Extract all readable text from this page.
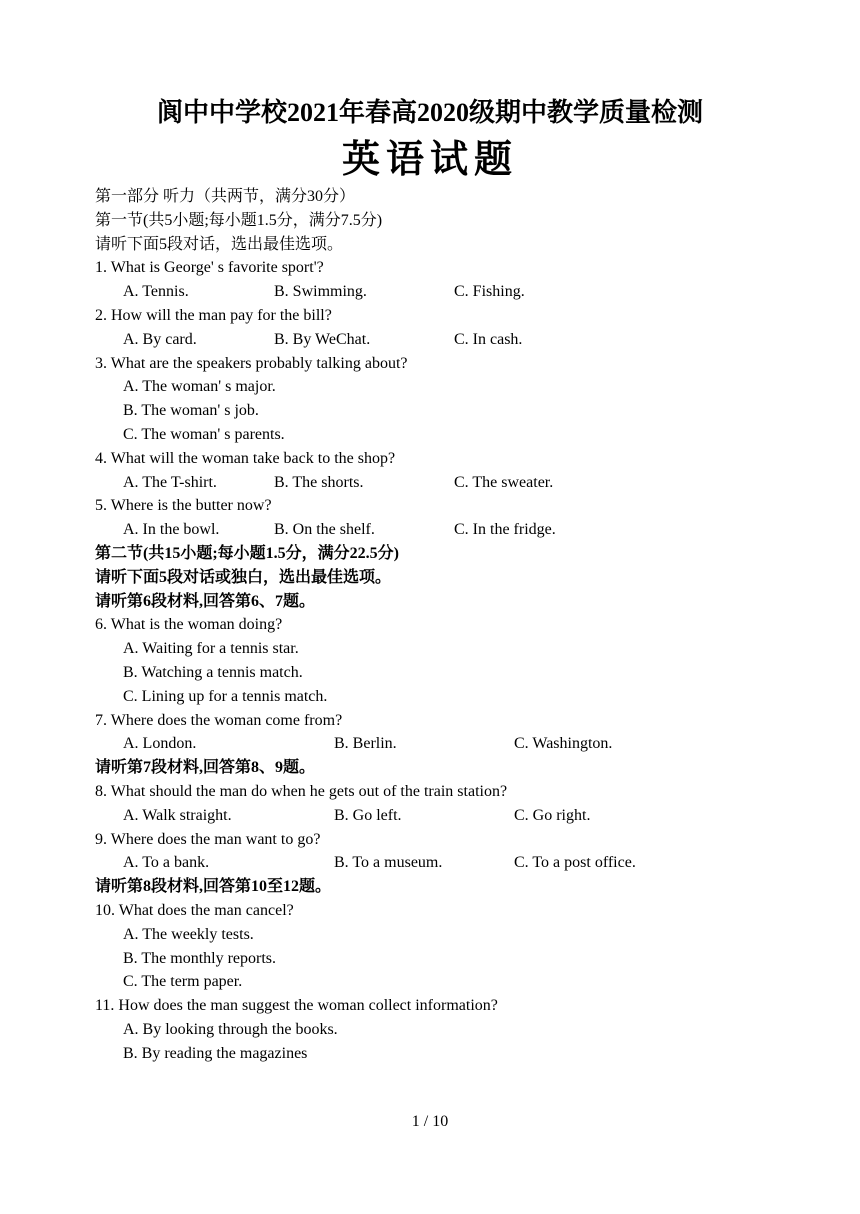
阆中中学校2021年春高2020级期中教学质量检测
英语试题
第一部分 听力（共两节，满分30分）
第一节(共5小题;每小题1.5分，满分7.5分)
请听下面5段对话，选出最佳选项。
1. What is George' s favorite sport'?
A. Tennis.	B. Swimming.	C. Fishing.
2. How will the man pay for the bill?
A. By card.	B. By WeChat.	C. In cash.
3. What are the speakers probably talking about?
A. The woman' s major.
B. The woman' s job.
C. The woman' s parents.
4. What will the woman take back to the shop?
A. The T-shirt.	B. The shorts.	C. The sweater.
5. Where is the butter now?
A. In the bowl.	B. On the shelf.	C. In the fridge.
第二节(共15小题;每小题1.5分，满分22.5分)
请听下面5段对话或独白，选出最佳选项。
请听第6段材料,回答第6、7题。
6. What is the woman doing?
A. Waiting for a tennis star.
B. Watching a tennis match.
C. Lining up for a tennis match.
7. Where does the woman come from?
A. London.	B. Berlin.	C. Washington.
请听第7段材料,回答第8、9题。
8. What should the man do when he gets out of the train station?
A. Walk straight.	B. Go left.	C. Go right.
9. Where does the man want to go?
A. To a bank.	B. To a museum.	C. To a post office.
请听第8段材料,回答第10至12题。
10. What does the man cancel?
A. The weekly tests.
B. The monthly reports.
C. The term paper.
11. How does the man suggest the woman collect information?
A. By looking through the books.
B. By reading the magazines
1 / 10
